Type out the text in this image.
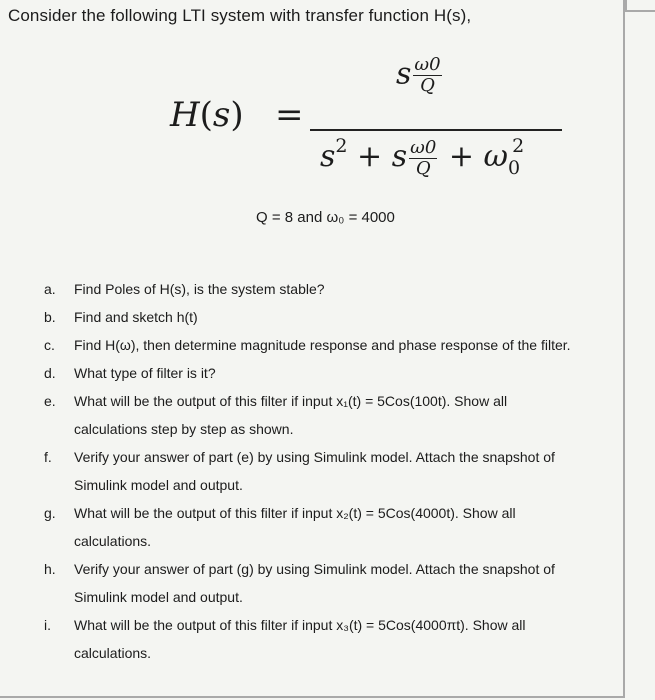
Consider the following LTI system with transfer function H(s),
H(s) =
s $\frac{\omega 0}{Q}$
$s^2 + s \frac{\omega 0}{Q} + \omega_0^2$
Q = 8 and ω₀ = 4000
a. Find Poles of H(s), is the system stable?
b. Find and sketch h(t)
c. Find H(ω), then determine magnitude response and phase response of the filter.
d. What type of filter is it?
e. What will be the output of this filter if input x₁(t) = 5Cos(100t). Show all
calculations step by step as shown.
f. Verify your answer of part (e) by using Simulink model. Attach the snapshot of
Simulink model and output.
g. What will be the output of this filter if input x₂(t) = 5Cos(4000t). Show all
calculations.
h. Verify your answer of part (g) by using Simulink model. Attach the snapshot of
Simulink model and output.
i. What will be the output of this filter if input x₃(t) = 5Cos(4000πt). Show all
calculations.
